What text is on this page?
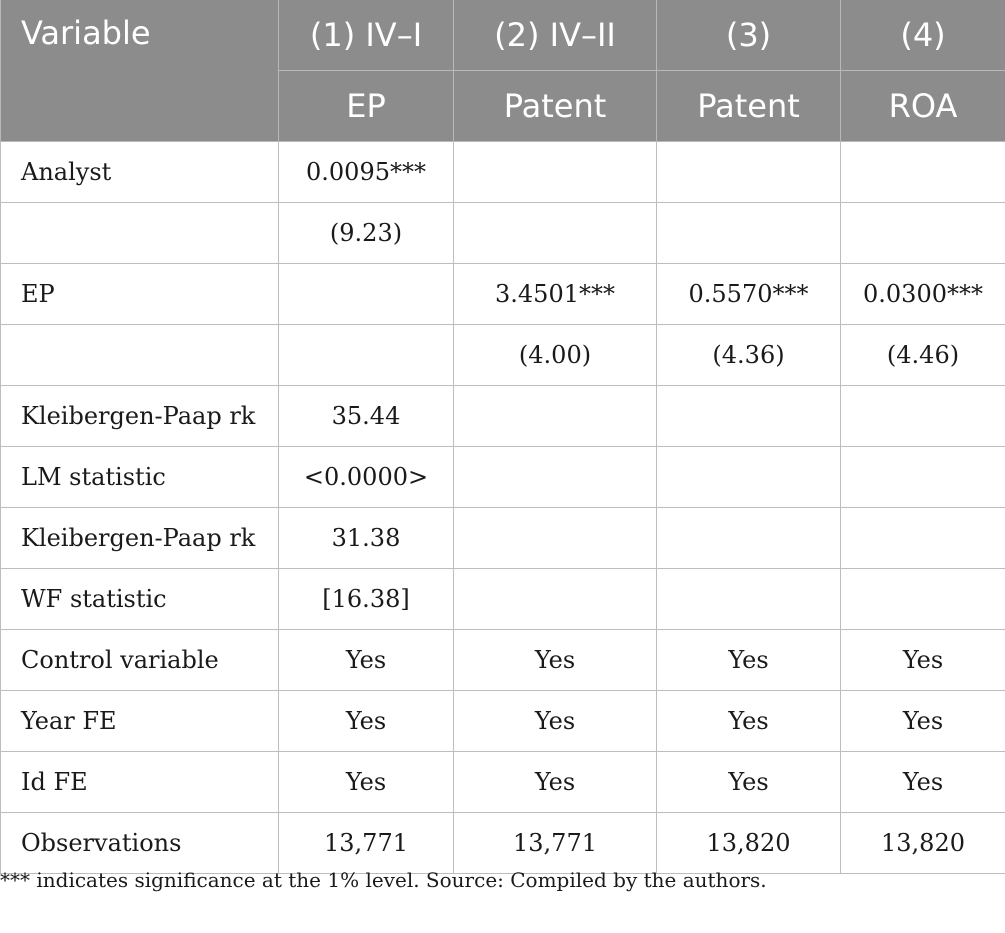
Variable	(1) IV–I	(2) IV–II	(3)	(4)
	EP	Patent	Patent	ROA
Analyst	0.0095***			
	(9.23)			
EP		3.4501***	0.5570***	0.0300***
		(4.00)	(4.36)	(4.46)
Kleibergen-Paap rk	35.44			
LM statistic	<0.0000>			
Kleibergen-Paap rk	31.38			
WF statistic	[16.38]			
Control variable	Yes	Yes	Yes	Yes
Year FE	Yes	Yes	Yes	Yes
Id FE	Yes	Yes	Yes	Yes
Observations	13,771	13,771	13,820	13,820
*** indicates significance at the 1% level. Source: Compiled by the authors.
